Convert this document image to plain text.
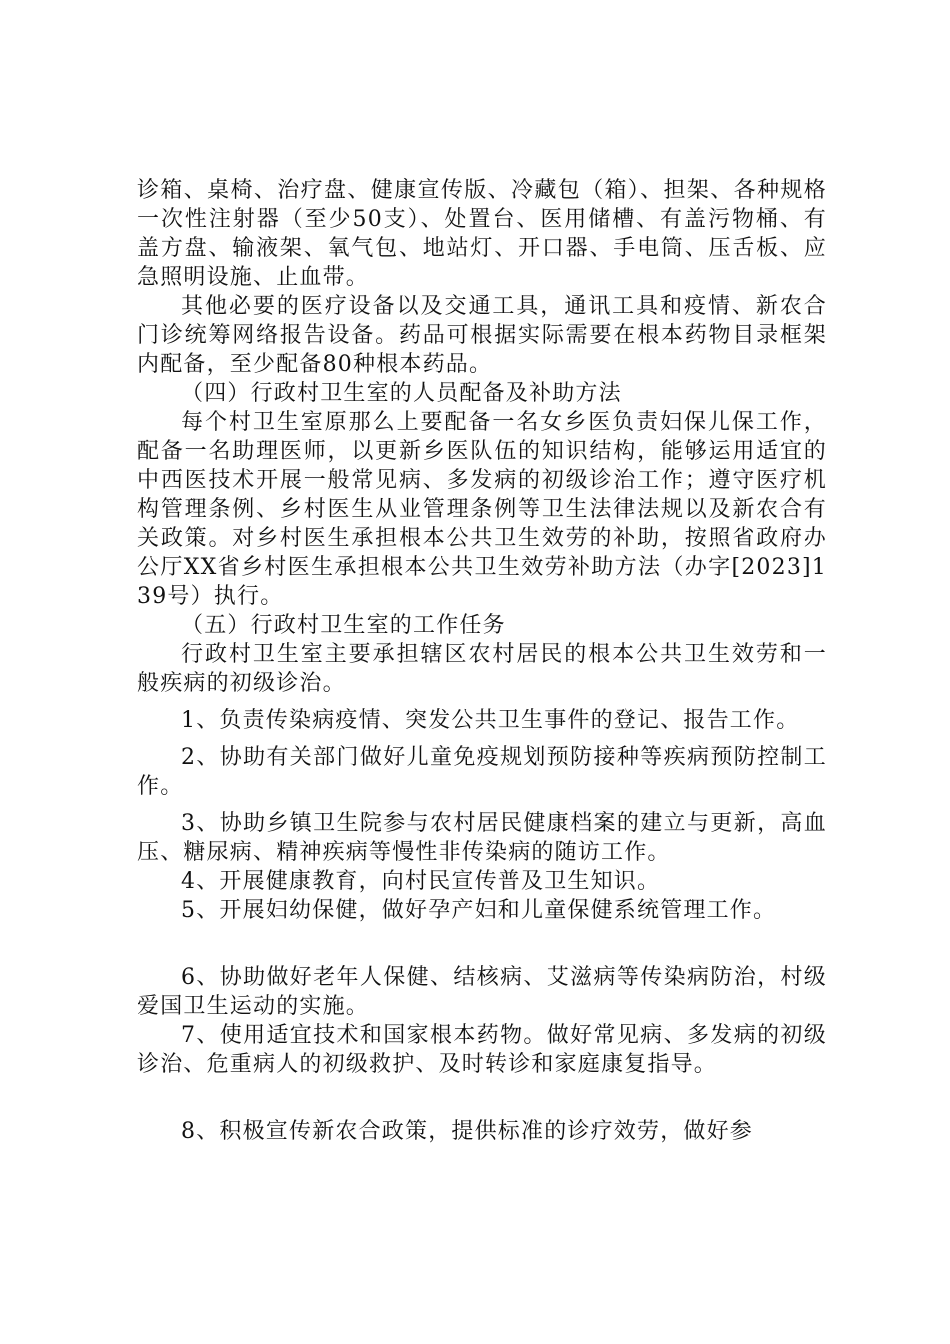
诊箱、桌椅、治疗盘、健康宣传版、冷藏包（箱）、担架、各种规格一次性注射器（至少50支）、处置台、医用储槽、有盖污物桶、有盖方盘、输液架、氧气包、地站灯、开口器、手电筒、压舌板、应急照明设施、止血带。

其他必要的医疗设备以及交通工具，通讯工具和疫情、新农合门诊统筹网络报告设备。药品可根据实际需要在根本药物目录框架内配备，至少配备80种根本药品。

（四）行政村卫生室的人员配备及补助方法

每个村卫生室原那么上要配备一名女乡医负责妇保儿保工作，配备一名助理医师，以更新乡医队伍的知识结构，能够运用适宜的中西医技术开展一般常见病、多发病的初级诊治工作；遵守医疗机构管理条例、乡村医生从业管理条例等卫生法律法规以及新农合有关政策。对乡村医生承担根本公共卫生效劳的补助，按照省政府办公厅XX省乡村医生承担根本公共卫生效劳补助方法（办字[2023]139号）执行。

（五）行政村卫生室的工作任务

行政村卫生室主要承担辖区农村居民的根本公共卫生效劳和一般疾病的初级诊治。

1、负责传染病疫情、突发公共卫生事件的登记、报告工作。

2、协助有关部门做好儿童免疫规划预防接种等疾病预防控制工作。

3、协助乡镇卫生院参与农村居民健康档案的建立与更新，高血压、糖尿病、精神疾病等慢性非传染病的随访工作。

4、开展健康教育，向村民宣传普及卫生知识。

5、开展妇幼保健，做好孕产妇和儿童保健系统管理工作。

6、协助做好老年人保健、结核病、艾滋病等传染病防治，村级爱国卫生运动的实施。

7、使用适宜技术和国家根本药物。做好常见病、多发病的初级诊治、危重病人的初级救护、及时转诊和家庭康复指导。

8、积极宣传新农合政策，提供标准的诊疗效劳，做好参
